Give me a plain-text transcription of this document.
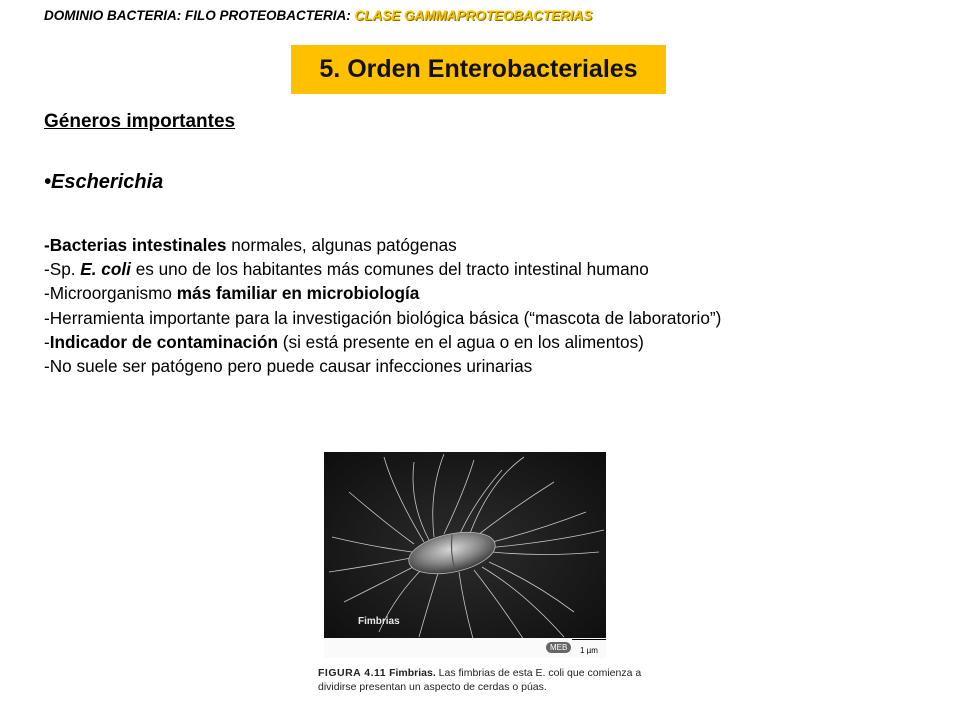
DOMINIO BACTERIA: FILO PROTEOBACTERIA: CLASE GAMMAPROTEOBACTERIAS
5. Orden Enterobacteriales
Géneros importantes
•Escherichia

-Bacterias intestinales normales, algunas patógenas

-Sp. E. coli es uno de los habitantes más comunes del tracto intestinal humano

-Microorganismo más familiar en microbiología

-Herramienta importante para la investigación biológica básica (“mascota de laboratorio”)

-Indicador de contaminación (si está presente en el agua o en los alimentos)

-No suele ser patógeno pero puede causar infecciones urinarias

Fimbrias
MEB	1 µm
FIGURA 4.11 Fimbrias. Las fimbrias de esta E. coli que comienza a dividirse presentan un aspecto de cerdas o púas.
